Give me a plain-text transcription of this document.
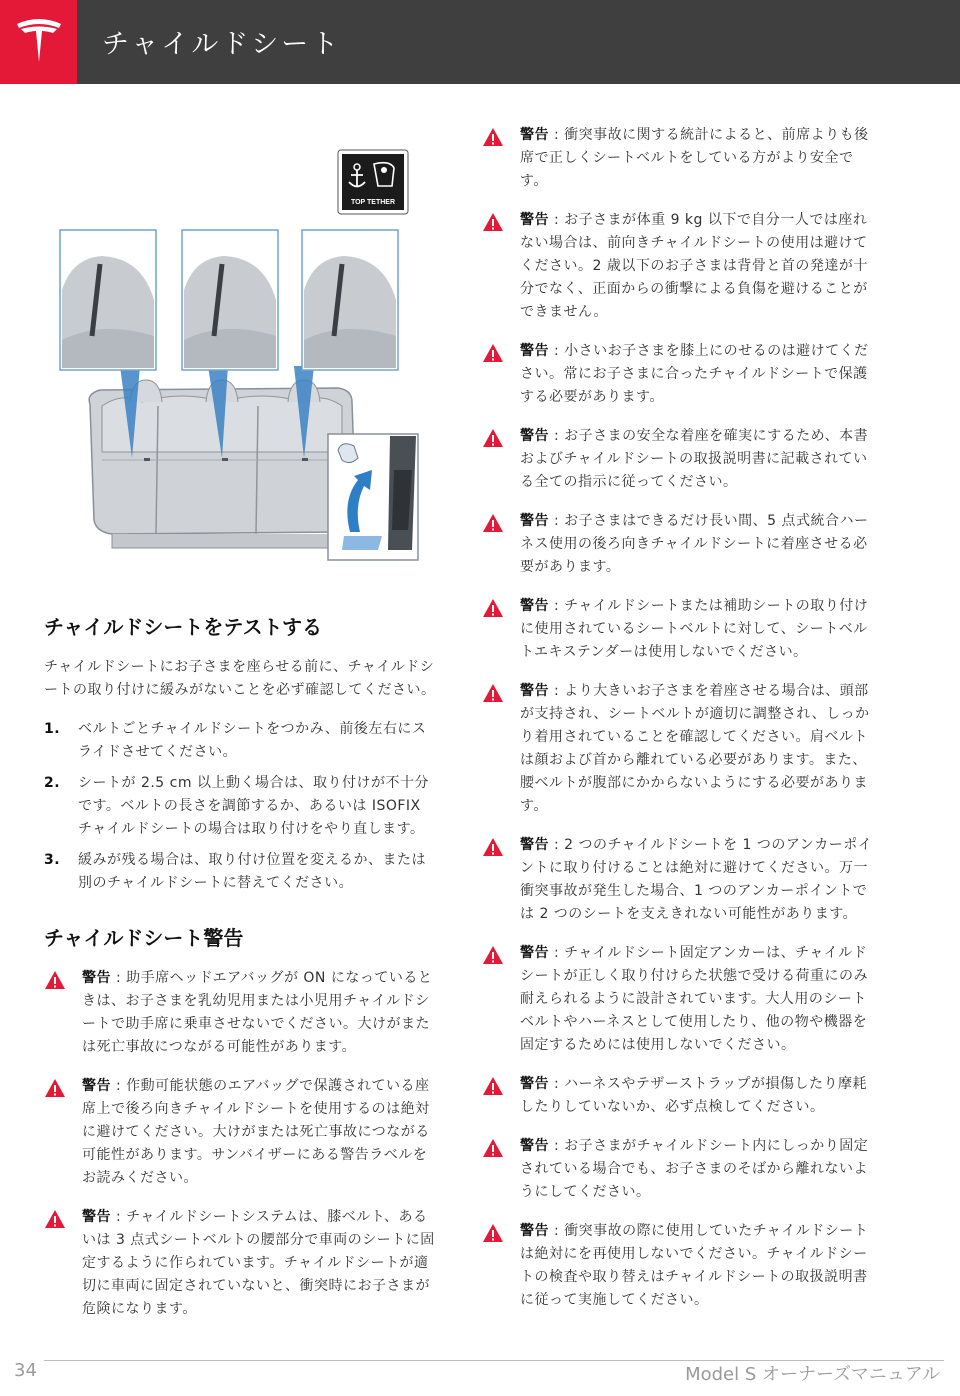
チャイルドシート
TOP TETHER
チャイルドシートをテストする

チャイルドシートにお子さまを座らせる前に、チャイルドシートの取り付けに緩みがないことを必ず確認してください。

1. ベルトごとチャイルドシートをつかみ、前後左右にスライドさせてください。
2. シートが 2.5 cm 以上動く場合は、取り付けが不十分です。ベルトの長さを調節するか、あるいは ISOFIX チャイルドシートの場合は取り付けをやり直します。
3. 緩みが残る場合は、取り付け位置を変えるか、または別のチャイルドシートに替えてください。
チャイルドシート警告
警告 : 助手席ヘッドエアバッグが ON になっているときは、お子さまを乳幼児用または小児用チャイルドシートで助手席に乗車させないでください。大けがまたは死亡事故につながる可能性があります。
警告 : 作動可能状態のエアバッグで保護されている座席上で後ろ向きチャイルドシートを使用するのは絶対に避けてください。大けがまたは死亡事故につながる可能性があります。サンバイザーにある警告ラベルをお読みください。
警告 : チャイルドシートシステムは、膝ベルト、あるいは 3 点式シートベルトの腰部分で車両のシートに固定するように作られています。チャイルドシートが適切に車両に固定されていないと、衝突時にお子さまが危険になります。
警告 : 衝突事故に関する統計によると、前席よりも後席で正しくシートベルトをしている方がより安全です。
警告 : お子さまが体重 9 kg 以下で自分一人では座れない場合は、前向きチャイルドシートの使用は避けてください。2 歳以下のお子さまは背骨と首の発達が十分でなく、正面からの衝撃による負傷を避けることができません。
警告 : 小さいお子さまを膝上にのせるのは避けてください。常にお子さまに合ったチャイルドシートで保護する必要があります。
警告 : お子さまの安全な着座を確実にするため、本書およびチャイルドシートの取扱説明書に記載されている全ての指示に従ってください。
警告 : お子さまはできるだけ長い間、5 点式統合ハーネス使用の後ろ向きチャイルドシートに着座させる必要があります。
警告 : チャイルドシートまたは補助シートの取り付けに使用されているシートベルトに対して、シートベルトエキステンダーは使用しないでください。
警告 : より大きいお子さまを着座させる場合は、頭部が支持され、シートベルトが適切に調整され、しっかり着用されていることを確認してください。肩ベルトは顔および首から離れている必要があります。また、腰ベルトが腹部にかからないようにする必要があります。
警告 : 2 つのチャイルドシートを 1 つのアンカーポイントに取り付けることは絶対に避けてください。万一衝突事故が発生した場合、1 つのアンカーポイントでは 2 つのシートを支えきれない可能性があります。
警告 : チャイルドシート固定アンカーは、チャイルドシートが正しく取り付けらた状態で受ける荷重にのみ耐えられるように設計されています。大人用のシートベルトやハーネスとして使用したり、他の物や機器を固定するためには使用しないでください。
警告 : ハーネスやテザーストラップが損傷したり摩耗したりしていないか、必ず点検してください。
警告 : お子さまがチャイルドシート内にしっかり固定されている場合でも、お子さまのそばから離れないようにしてください。
警告 : 衝突事故の際に使用していたチャイルドシートは絶対にを再使用しないでください。チャイルドシートの検査や取り替えはチャイルドシートの取扱説明書に従って実施してください。
34	Model S オーナーズマニュアル
